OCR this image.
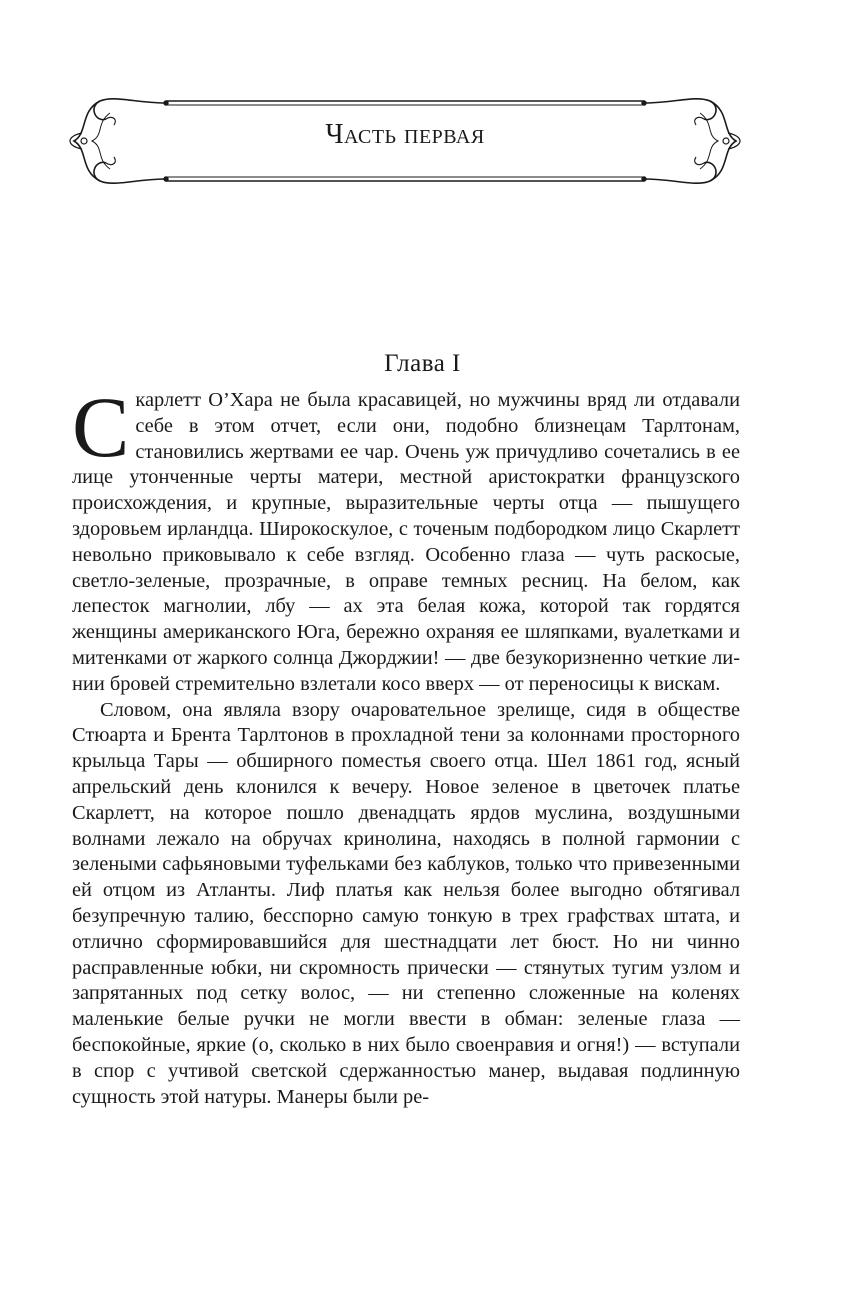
Часть первая
Глава I

Скарлетт О’Хара не была красавицей, но мужчины вряд ли отдавали себе в этом отчет, если они, подобно близнецам Тарлтонам, становились жертвами ее чар. Очень уж причудливо сочетались в ее лице утонченные черты матери, местной аристократки французского происхождения, и крупные, выразительные черты отца — пышущего здоровьем ирландца. Широкоскулое, с точеным подбородком лицо Скарлетт невольно приковывало к себе взгляд. Особенно глаза — чуть раскосые, светло-зеленые, прозрачные, в оправе темных ресниц. На белом, как лепесток магнолии, лбу — ах эта белая кожа, которой так гордятся женщины американского Юга, бережно охраняя ее шляпками, вуалетками и митенками от жаркого солнца Джорджии! — две безукоризненно четкие линии бровей стремительно взлетали косо вверх — от переносицы к вискам.

Словом, она являла взору очаровательное зрелище, сидя в обществе Стюарта и Брента Тарлтонов в прохладной тени за колоннами просторного крыльца Тары — обширного поместья своего отца. Шел 1861 год, ясный апрельский день клонился к вечеру. Новое зеленое в цветочек платье Скарлетт, на которое пошло двенадцать ярдов муслина, воздушными волнами лежало на обручах кринолина, находясь в полной гармонии с зелеными сафьяновыми туфельками без каблуков, только что привезенными ей отцом из Атланты. Лиф платья как нельзя более выгодно обтягивал безупречную талию, бесспорно самую тонкую в трех графствах штата, и отлично сформировавшийся для шестнадцати лет бюст. Но ни чинно расправленные юбки, ни скромность прически — стянутых тугим узлом и запрятанных под сетку волос, — ни степенно сложенные на коленях маленькие белые ручки не могли ввести в обман: зеленые глаза — беспокойные, яркие (о, сколько в них было своенравия и огня!) — вступали в спор с учтивой светской сдержанностью манер, выдавая подлинную сущность этой натуры. Манеры были ре-
